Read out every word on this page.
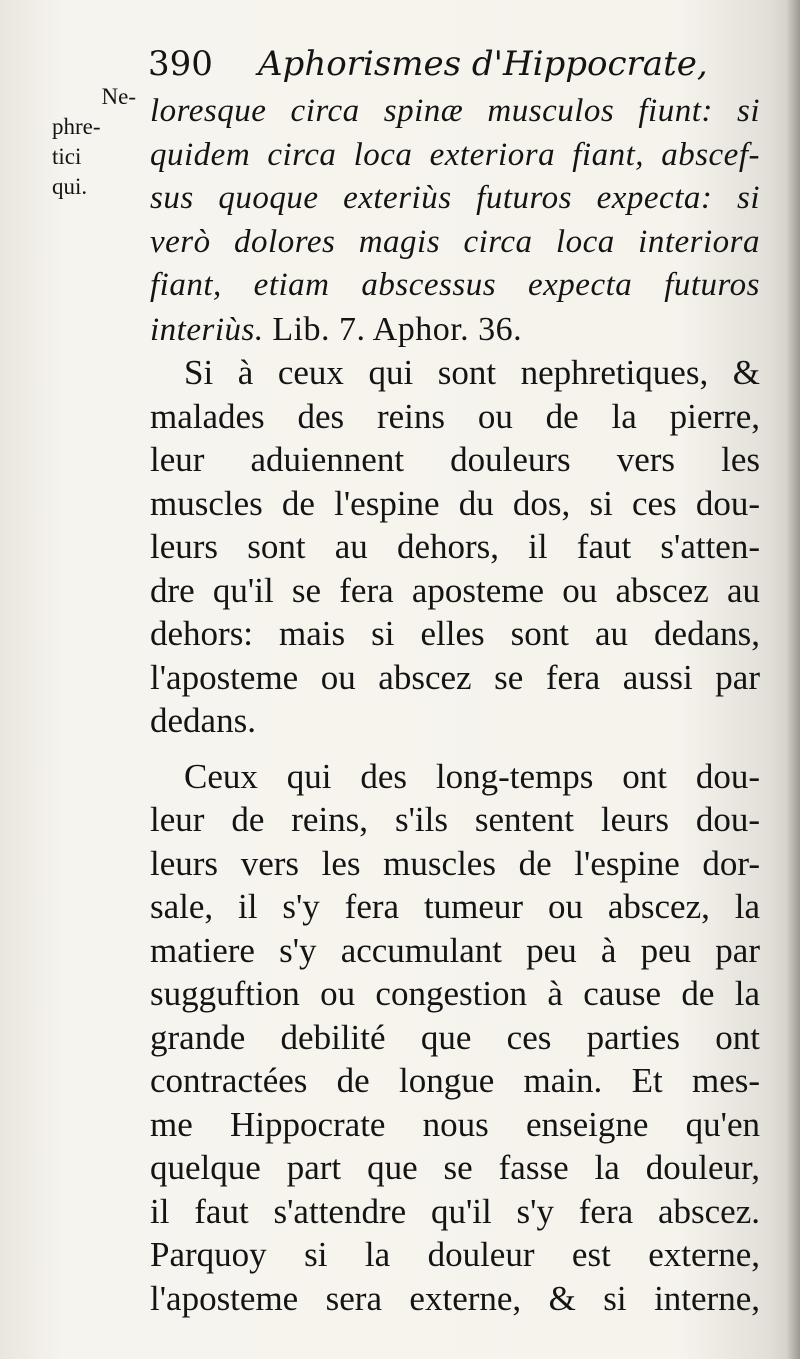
390 Aphorismes d'Hippocrate,
Ne-
phre-
tici
qui.
loresque circa spinæ musculos fiunt: si
quidem circa loca exteriora fiant, abscef-
sus quoque exteriùs futuros expecta: si
verò dolores magis circa loca interiora
fiant, etiam abscessus expecta futuros
interiùs. Lib. 7. Aphor. 36.
Si à ceux qui sont nephretiques, &
malades des reins ou de la pierre,
leur aduiennent douleurs vers les
muscles de l'espine du dos, si ces dou-
leurs sont au dehors, il faut s'atten-
dre qu'il se fera aposteme ou abscez au
dehors: mais si elles sont au dedans,
l'aposteme ou abscez se fera aussi par
dedans.
Ceux qui des long-temps ont dou-
leur de reins, s'ils sentent leurs dou-
leurs vers les muscles de l'espine dor-
sale, il s'y fera tumeur ou abscez, la
matiere s'y accumulant peu à peu par
sugguftion ou congestion à cause de la
grande debilité que ces parties ont
contractées de longue main. Et mes-
me Hippocrate nous enseigne qu'en
quelque part que se fasse la douleur,
il faut s'attendre qu'il s'y fera abscez.
Parquoy si la douleur est externe,
l'aposteme sera externe, & si interne,
